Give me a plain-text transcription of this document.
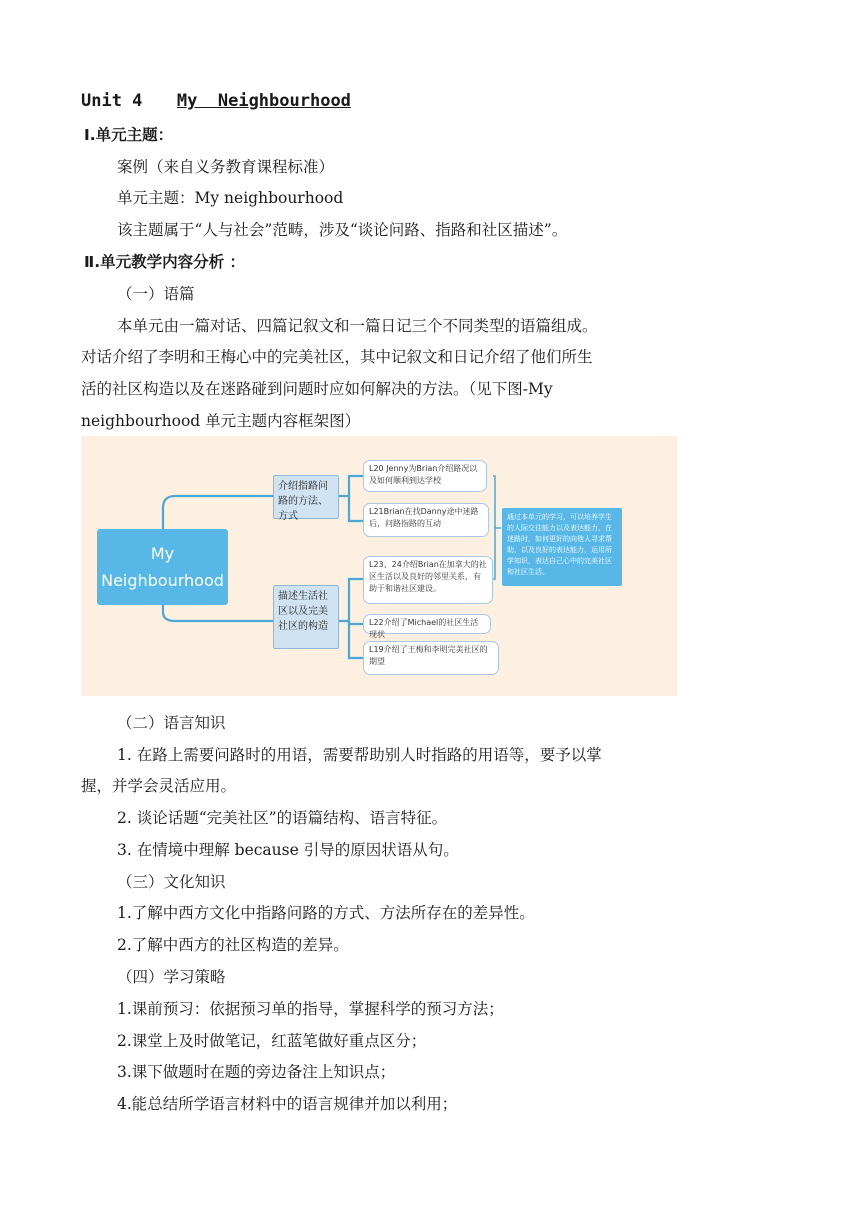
Unit 4 My  Neighbourhood
Ⅰ.单元主题：
案例（来自义务教育课程标准）
单元主题：My neighbourhood
该主题属于“人与社会”范畴，涉及“谈论问路、指路和社区描述”。
Ⅱ.单元教学内容分析 ：
（一）语篇
本单元由一篇对话、四篇记叙文和一篇日记三个不同类型的语篇组成。
对话介绍了李明和王梅心中的完美社区，其中记叙文和日记介绍了他们所生
活的社区构造以及在迷路碰到问题时应如何解决的方法。（见下图-My
neighbourhood 单元主题内容框架图）
My
Neighbourhood
介绍指路问路的方法、方式
描述生活社区以及完美社区的构造
L20 Jenny为Brian介绍路况以及如何顺利到达学校
L21Brian在找Danny途中迷路后，问路指路的互动
L23、24介绍Brian在加拿大的社区生活以及良好的邻里关系，有助于和谐社区建设。
L22介绍了Michael的社区生活现状
L19介绍了王梅和李明完美社区的期望
通过本单元的学习，可以培养学生的人际交往能力以及表达能力，在迷路时，如何更好的向他人寻求帮助，以及良好的表达能力，运用所学知识，表达自己心中的完美社区和社区生活。
（二）语言知识
1. 在路上需要问路时的用语，需要帮助别人时指路的用语等，要予以掌
握，并学会灵活应用。
2. 谈论话题“完美社区”的语篇结构、语言特征。
3. 在情境中理解 because 引导的原因状语从句。
（三）文化知识
1.了解中西方文化中指路问路的方式、方法所存在的差异性。
2.了解中西方的社区构造的差异。
（四）学习策略
1.课前预习：依据预习单的指导，掌握科学的预习方法；
2.课堂上及时做笔记，红蓝笔做好重点区分；
3.课下做题时在题的旁边备注上知识点；
4.能总结所学语言材料中的语言规律并加以利用；
